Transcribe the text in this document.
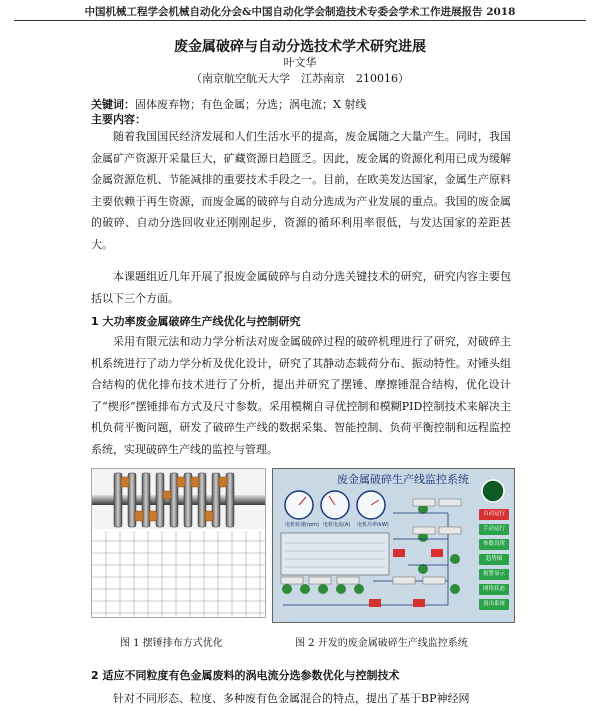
中国机械工程学会机械自动化分会&中国自动化学会制造技术专委会学术工作进展报告 2018
废金属破碎与自动分选技术学术研究进展
叶文华
（南京航空航天大学　江苏南京　210016）
关键词：固体废弃物；有色金属；分选；涡电流；X 射线
主要内容：

随着我国国民经济发展和人们生活水平的提高，废金属随之大量产生。同时，我国金属矿产资源开采量巨大，矿藏资源日趋匮乏。因此，废金属的资源化利用已成为缓解金属资源危机、节能减排的重要技术手段之一。目前，在欧美发达国家，金属生产原料主要依赖于再生资源，而废金属的破碎与自动分选成为产业发展的重点。我国的废金属的破碎、自动分选回收业还刚刚起步，资源的循环利用率很低，与发达国家的差距甚大。

本课题组近几年开展了报废金属破碎与自动分选关键技术的研究，研究内容主要包括以下三个方面。

1 大功率废金属破碎生产线优化与控制研究

采用有限元法和动力学分析法对废金属破碎过程的破碎机理进行了研究，对破碎主机系统进行了动力学分析及优化设计，研究了其静动态载荷分布、振动特性。对锤头组合结构的优化排布技术进行了分析，提出并研究了摆锤、摩擦锤混合结构，优化设计了“楔形”摆锤排布方式及尺寸参数。采用模糊自寻优控制和模糊PID控制技术来解决主机负荷平衡问题，研发了破碎生产线的数据采集、智能控制、负荷平衡控制和远程监控系统，实现破碎生产线的监控与管理。

废金属破碎生产线监控系统
电机转速(rpm) 电机电流(A) 电机功率(kW)
自动运行
手动运行
参数设置
趋势图
报警显示
网络状态
退出系统
图 1 摆锤排布方式优化	图 2 开发的废金属破碎生产线监控系统
2 适应不同粒度有色金属废料的涡电流分选参数优化与控制技术

针对不同形态、粒度、多种废有色金属混合的特点，提出了基于BP神经网
